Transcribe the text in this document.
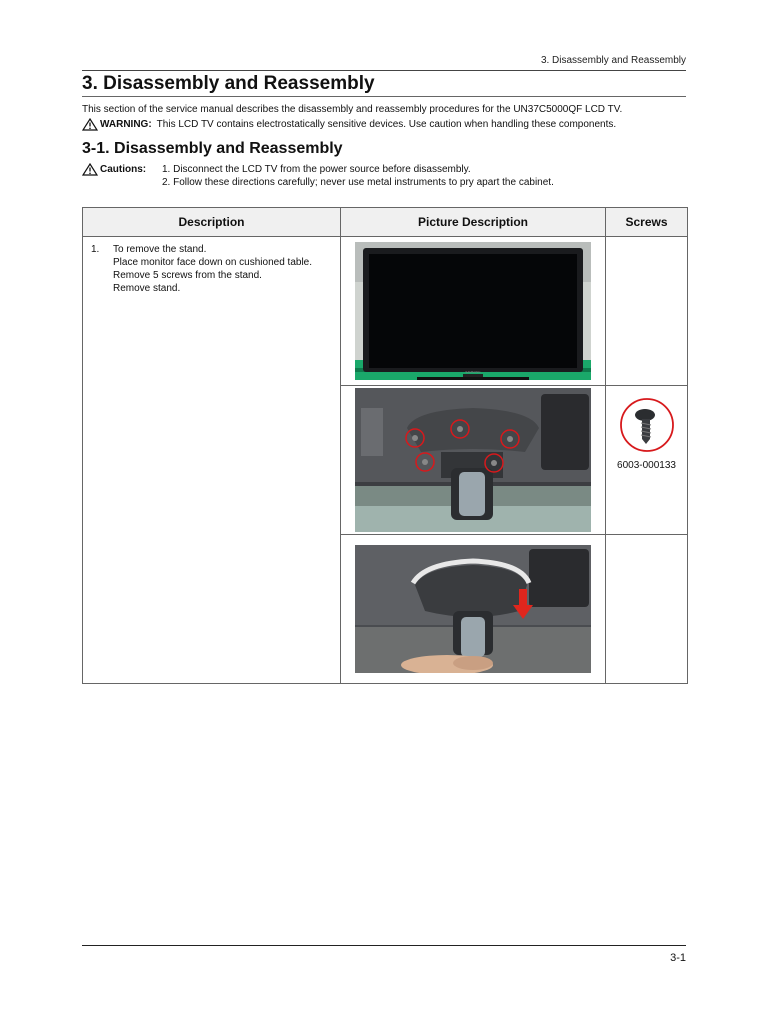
3. Disassembly and Reassembly
3. Disassembly and Reassembly
This section of the service manual describes the disassembly and reassembly procedures for the UN37C5000QF LCD TV.
WARNING: This LCD TV contains electrostatically sensitive devices. Use caution when handling these components.
3-1. Disassembly and Reassembly
Cautions:	1. Disconnect the LCD TV from the power source before disassembly.
2. Follow these directions carefully; never use metal instruments to pry apart the cabinet.
Description	Picture Description	Screws

1. To remove the stand.
Place monitor face down on cushioned table.
Remove 5 screws from the stand.
Remove stand.	SAMSUNG	

6003-000133

3-1
